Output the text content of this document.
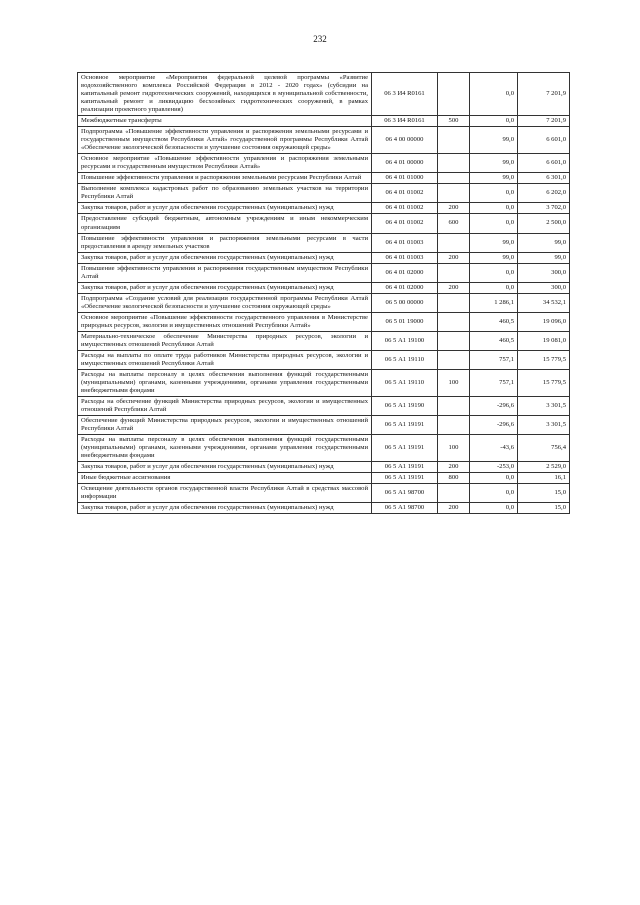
232
Основное мероприятие «Мероприятия федеральной целевой программы «Развитие водохозяйственного комплекса Российской Федерации в 2012 - 2020 годах» (субсидии на капитальный ремонт гидротехнических сооружений, находящихся в муниципальной собственности, капитальный ремонт и ликвидацию бесхозяйных гидротехнических сооружений, в рамках реализации проектного управления)	06 3 И4 R0161		0,0	7 201,9
Межбюджетные трансферты	06 3 И4 R0161	500	0,0	7 201,9
Подпрограмма «Повышение эффективности управления и распоряжения земельными ресурсами и государственным имуществом Республики Алтай» государственной программы Республики Алтай «Обеспечение экологической безопасности и улучшение состояния окружающей среды»	06 4 00 00000		99,0	6 601,0
Основное мероприятие «Повышение эффективности управления и распоряжения земельными ресурсами и государственным имуществом Республики Алтай»	06 4 01 00000		99,0	6 601,0
Повышение эффективности управления и распоряжения земельными ресурсами Республики Алтай	06 4 01 01000		99,0	6 301,0
Выполнение комплекса кадастровых работ по образованию земельных участков на территории Республики Алтай	06 4 01 01002		0,0	6 202,0
Закупка товаров, работ и услуг для обеспечения государственных (муниципальных) нужд	06 4 01 01002	200	0,0	3 702,0
Предоставление субсидий бюджетным, автономным учреждениям и иным некоммерческим организациям	06 4 01 01002	600	0,0	2 500,0
Повышение эффективности управления и распоряжения земельными ресурсами в части предоставления в аренду земельных участков	06 4 01 01003		99,0	99,0
Закупка товаров, работ и услуг для обеспечения государственных (муниципальных) нужд	06 4 01 01003	200	99,0	99,0
Повышение эффективности управления и распоряжения государственным имуществом Республики Алтай	06 4 01 02000		0,0	300,0
Закупка товаров, работ и услуг для обеспечения государственных (муниципальных) нужд	06 4 01 02000	200	0,0	300,0
Подпрограмма «Создание условий для реализации государственной программы Республики Алтай «Обеспечение экологической безопасности и улучшение состояния окружающей среды»	06 5 00 00000		1 286,1	34 532,1
Основное мероприятие «Повышение эффективности государственного управления в Министерстве природных ресурсов, экологии и имущественных отношений Республики Алтай»	06 5 01 19000		460,5	19 096,0
Материально-техническое обеспечение Министерства природных ресурсов, экологии и имущественных отношений Республики Алтай	06 5 А1 19100		460,5	19 081,0
Расходы на выплаты по оплате труда работников Министерства природных ресурсов, экологии и имущественных отношений Республики Алтай	06 5 А1 19110		757,1	15 779,5
Расходы на выплаты персоналу в целях обеспечения выполнения функций государственными (муниципальными) органами, казенными учреждениями, органами управления государственными внебюджетными фондами	06 5 А1 19110	100	757,1	15 779,5
Расходы на обеспечение функций Министерства природных ресурсов, экологии и имущественных отношений Республики Алтай	06 5 А1 19190		-296,6	3 301,5
Обеспечение функций Министерства природных ресурсов, экологии и имущественных отношений Республики Алтай	06 5 А1 19191		-296,6	3 301,5
Расходы на выплаты персоналу в целях обеспечения выполнения функций государственными (муниципальными) органами, казенными учреждениями, органами управления государственными внебюджетными фондами	06 5 А1 19191	100	-43,6	756,4
Закупка товаров, работ и услуг для обеспечения государственных (муниципальных) нужд	06 5 А1 19191	200	-253,0	2 529,0
Иные бюджетные ассигнования	06 5 А1 19191	800	0,0	16,1
Освещение деятельности органов государственной власти Республики Алтай в средствах массовой информации	06 5 А1 98700		0,0	15,0
Закупка товаров, работ и услуг для обеспечения государственных (муниципальных) нужд	06 5 А1 98700	200	0,0	15,0
